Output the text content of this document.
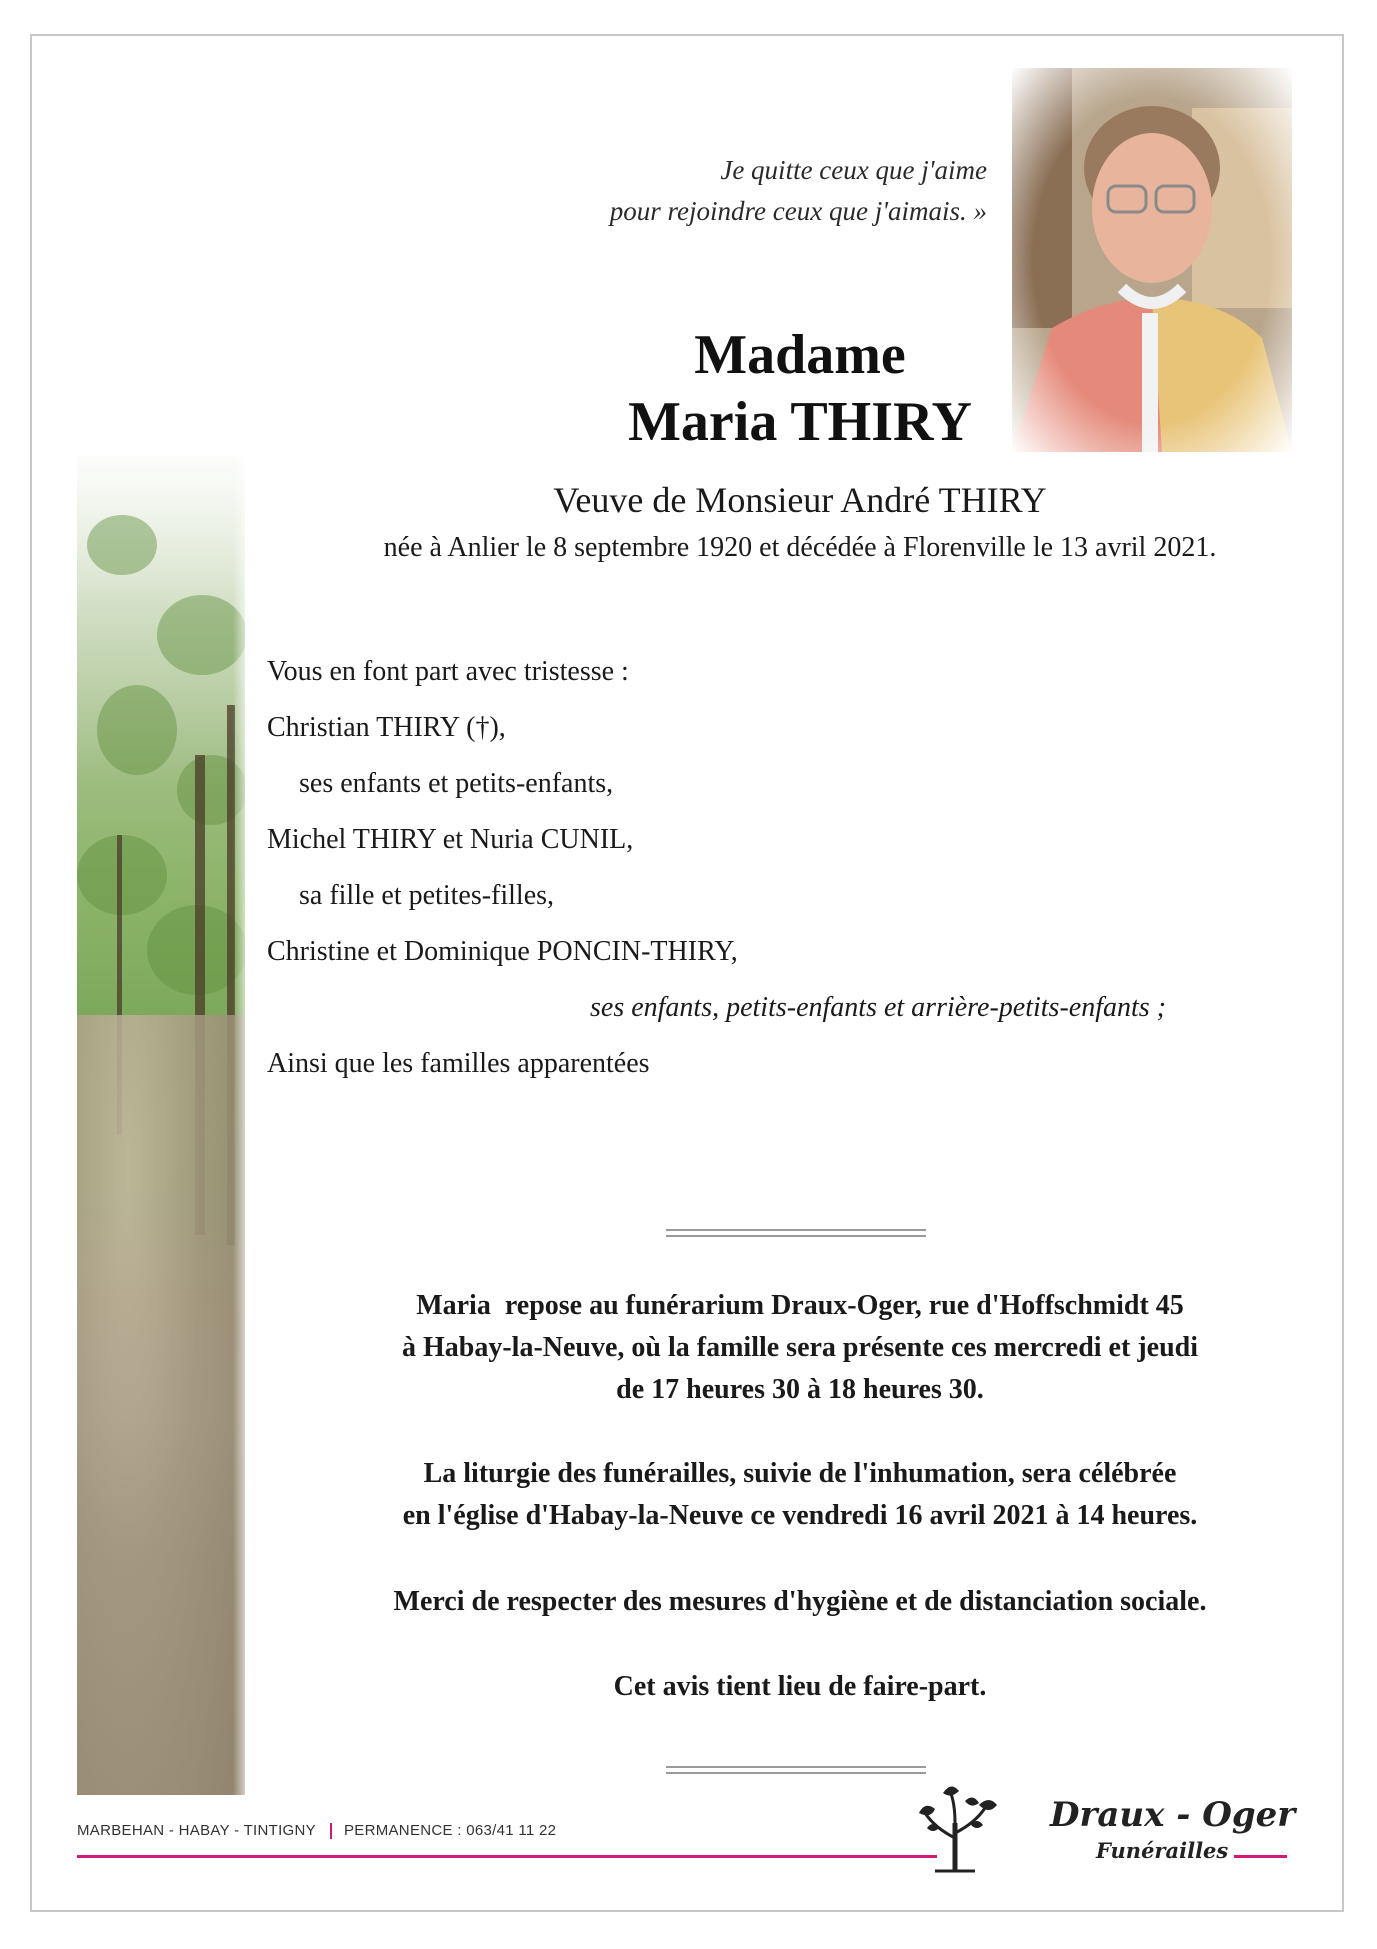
Je quitte ceux que j'aime
pour rejoindre ceux que j'aimais. »
Madame
Maria THIRY
Veuve de Monsieur André THIRY
née à Anlier le 8 septembre 1920 et décédée à Florenville le 13 avril 2021.
Vous en font part avec tristesse :
Christian THIRY (†),
ses enfants et petits-enfants,
Michel THIRY et Nuria CUNIL,
sa fille et petites-filles,
Christine et Dominique PONCIN-THIRY,
ses enfants, petits-enfants et arrière-petits-enfants ;
Ainsi que les familles apparentées
Maria  repose au funérarium Draux-Oger, rue d'Hoffschmidt 45
à Habay-la-Neuve, où la famille sera présente ces mercredi et jeudi
de 17 heures 30 à 18 heures 30.
La liturgie des funérailles, suivie de l'inhumation, sera célébrée
en l'église d'Habay-la-Neuve ce vendredi 16 avril 2021 à 14 heures.
Merci de respecter des mesures d'hygiène et de distanciation sociale.
Cet avis tient lieu de faire-part.
MARBEHAN - HABAY - TINTIGNY PERMANENCE : 063/41 11 22	Draux - Oger
Funérailles
